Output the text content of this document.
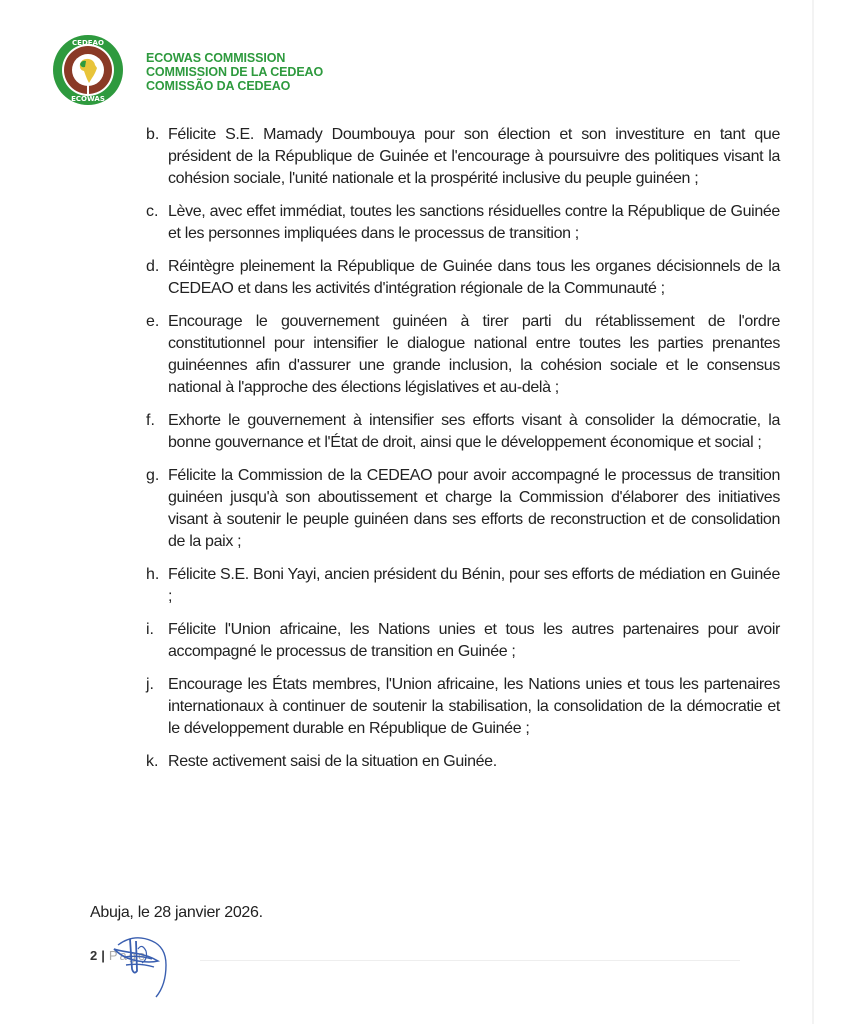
CEDEAO
ECOWAS
ECOWAS COMMISSION
COMMISSION DE LA CEDEAO
COMISSÃO DA CEDEAO
b. Félicite S.E. Mamady Doumbouya pour son élection et son investiture en tant que président de la République de Guinée et l'encourage à poursuivre des politiques visant la cohésion sociale, l'unité nationale et la prospérité inclusive du peuple guinéen ;
c. Lève, avec effet immédiat, toutes les sanctions résiduelles contre la République de Guinée et les personnes impliquées dans le processus de transition ;
d. Réintègre pleinement la République de Guinée dans tous les organes décisionnels de la CEDEAO et dans les activités d'intégration régionale de la Communauté ;
e. Encourage le gouvernement guinéen à tirer parti du rétablissement de l'ordre constitutionnel pour intensifier le dialogue national entre toutes les parties prenantes guinéennes afin d'assurer une grande inclusion, la cohésion sociale et le consensus national à l'approche des élections législatives et au-delà ;
f. Exhorte le gouvernement à intensifier ses efforts visant à consolider la démocratie, la bonne gouvernance et l'État de droit, ainsi que le développement économique et social ;
g. Félicite la Commission de la CEDEAO pour avoir accompagné le processus de transition guinéen jusqu'à son aboutissement et charge la Commission d'élaborer des initiatives visant à soutenir le peuple guinéen dans ses efforts de reconstruction et de consolidation de la paix ;
h. Félicite S.E. Boni Yayi, ancien président du Bénin, pour ses efforts de médiation en Guinée ;
i. Félicite l'Union africaine, les Nations unies et tous les autres partenaires pour avoir accompagné le processus de transition en Guinée ;
j. Encourage les États membres, l'Union africaine, les Nations unies et tous les partenaires internationaux à continuer de soutenir la stabilisation, la consolidation de la démocratie et le développement durable en République de Guinée ;
k. Reste activement saisi de la situation en Guinée.
Abuja, le 28 janvier 2026.
2 | Page
